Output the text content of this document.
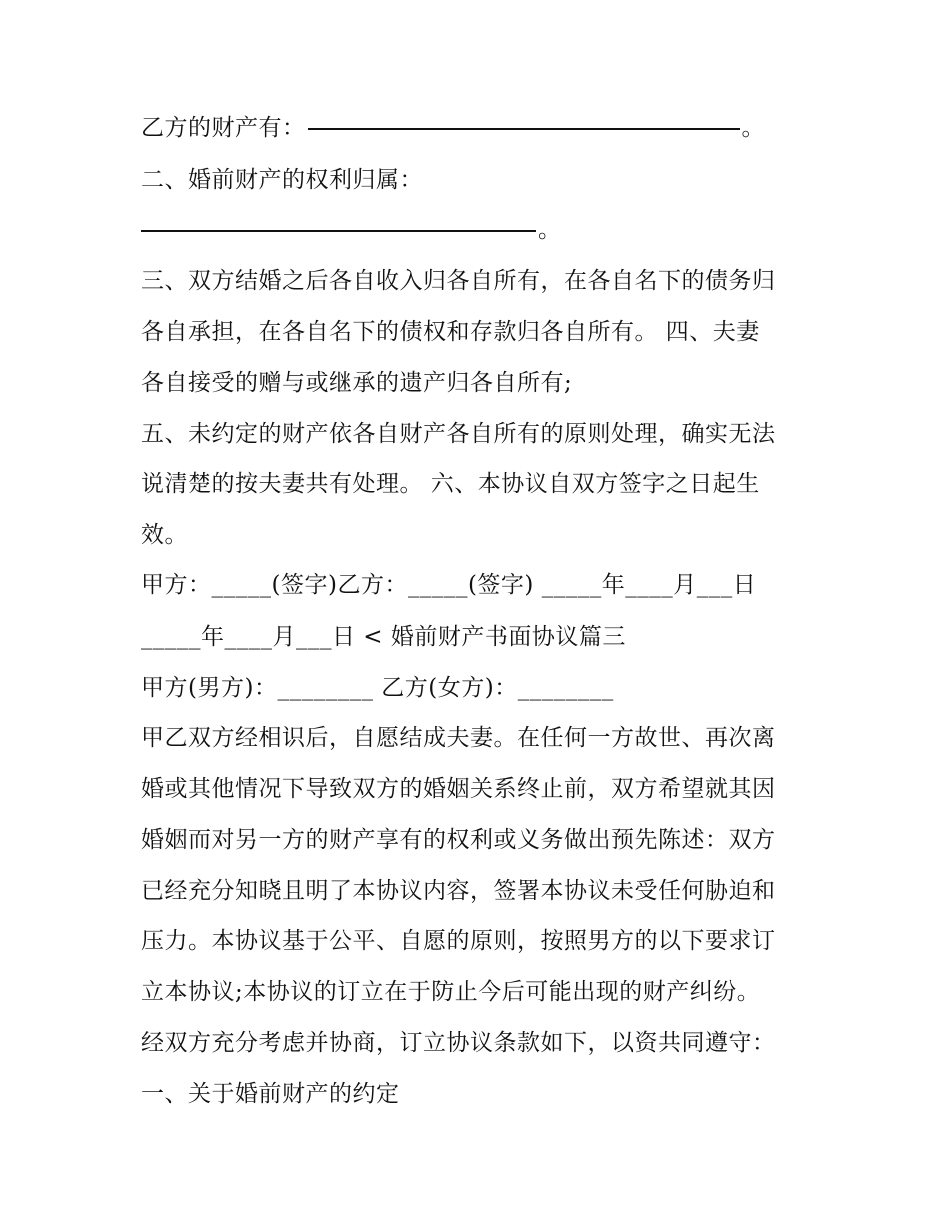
乙方的财产有：	。
二、婚前财产的权利归属：
。
三、双方结婚之后各自收入归各自所有，在各自名下的债务归
各自承担，在各自名下的债权和存款归各自所有。 四、夫妻
各自接受的赠与或继承的遗产归各自所有;
五、未约定的财产依各自财产各自所有的原则处理，确实无法
说清楚的按夫妻共有处理。 六、本协议自双方签字之日起生
效。
甲方：_____(签字)乙方：_____(签字) _____年____月___日
_____年____月___日 < 婚前财产书面协议篇三
甲方(男方)：________ 乙方(女方)：________
甲乙双方经相识后，自愿结成夫妻。在任何一方故世、再次离
婚或其他情况下导致双方的婚姻关系终止前，双方希望就其因
婚姻而对另一方的财产享有的权利或义务做出预先陈述：双方
已经充分知晓且明了本协议内容，签署本协议未受任何胁迫和
压力。本协议基于公平、自愿的原则，按照男方的以下要求订
立本协议;本协议的订立在于防止今后可能出现的财产纠纷。
经双方充分考虑并协商，订立协议条款如下，以资共同遵守：
一、关于婚前财产的约定
